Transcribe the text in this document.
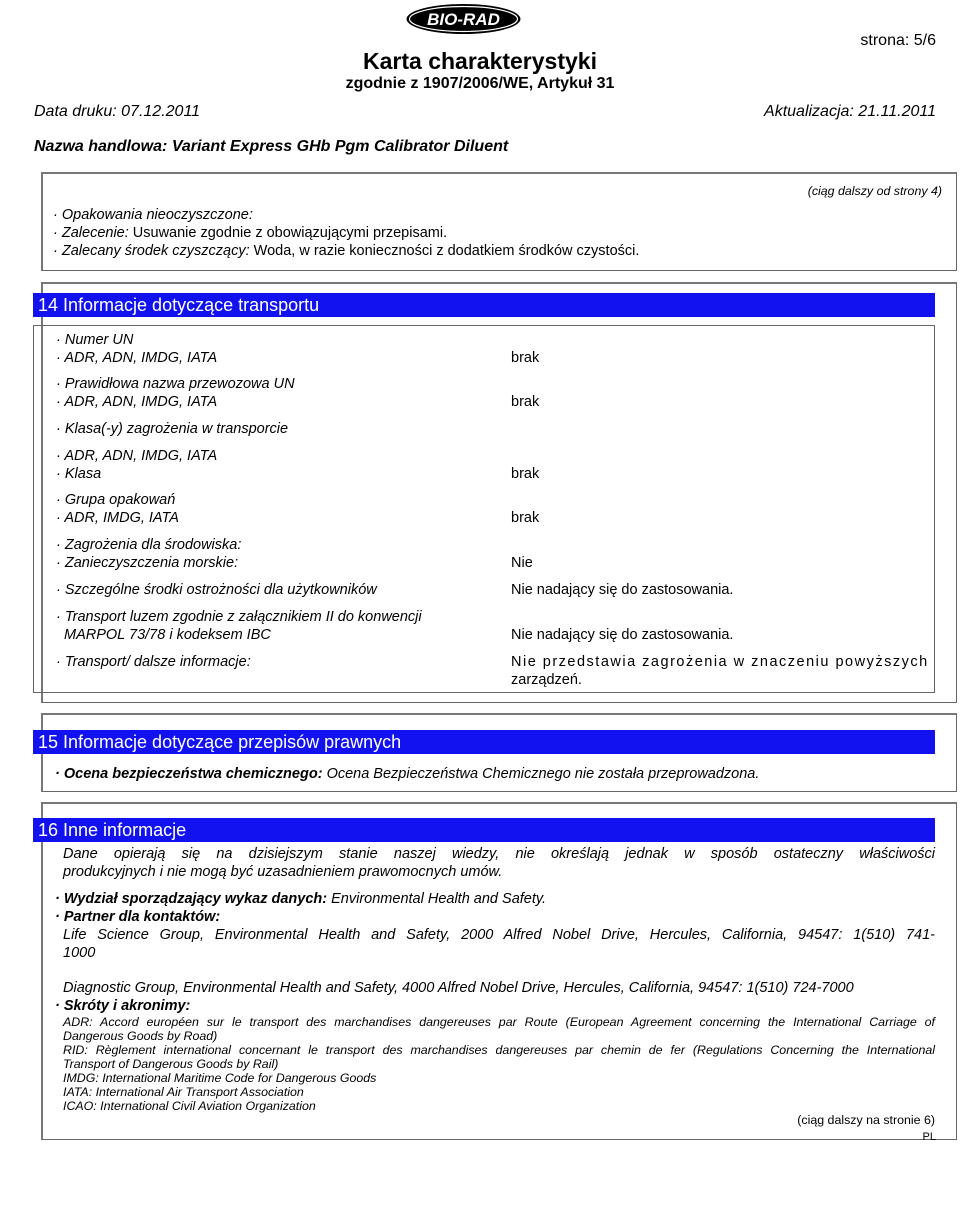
BIO-RAD
strona: 5/6
Karta charakterystyki
zgodnie z 1907/2006/WE, Artykuł 31
Data druku: 07.12.2011	Aktualizacja: 21.11.2011
Nazwa handlowa: Variant Express GHb Pgm Calibrator Diluent
(ciąg dalszy od strony 4)
· Opakowania nieoczyszczone:
· Zalecenie: Usuwanie zgodnie z obowiązującymi przepisami.
· Zalecany środek czyszczący: Woda, w razie konieczności z dodatkiem środków czystości.
14 Informacje dotyczące transportu
· Numer UN
· ADR, ADN, IMDG, IATA	brak
· Prawidłowa nazwa przewozowa UN
· ADR, ADN, IMDG, IATA	brak
· Klasa(-y) zagrożenia w transporcie
· ADR, ADN, IMDG, IATA
· Klasa	brak
· Grupa opakowań
· ADR, IMDG, IATA	brak
· Zagrożenia dla środowiska:
· Zanieczyszczenia morskie:	Nie
· Szczególne środki ostrożności dla użytkowników	Nie nadający się do zastosowania.
· Transport luzem zgodnie z załącznikiem II do konwencji
MARPOL 73/78 i kodeksem IBC	Nie nadający się do zastosowania.
· Transport/ dalsze informacje:	Nie przedstawia zagrożenia w znaczeniu powyższych
zarządzeń.
15 Informacje dotyczące przepisów prawnych
· Ocena bezpieczeństwa chemicznego: Ocena Bezpieczeństwa Chemicznego nie została przeprowadzona.
16 Inne informacje
Dane opierają się na dzisiejszym stanie naszej wiedzy, nie określają jednak w sposób ostateczny właściwości
produkcyjnych i nie mogą być uzasadnieniem prawomocnych umów.
· Wydział sporządzający wykaz danych: Environmental Health and Safety.
· Partner dla kontaktów:
Life Science Group, Environmental Health and Safety, 2000 Alfred Nobel Drive, Hercules, California, 94547: 1(510) 741-
1000
Diagnostic Group, Environmental Health and Safety, 4000 Alfred Nobel Drive, Hercules, California, 94547: 1(510) 724-7000
· Skróty i akronimy:
ADR: Accord européen sur le transport des marchandises dangereuses par Route (European Agreement concerning the International Carriage of
Dangerous Goods by Road)
RID: Règlement international concernant le transport des marchandises dangereuses par chemin de fer (Regulations Concerning the International
Transport of Dangerous Goods by Rail)
IMDG: International Maritime Code for Dangerous Goods
IATA: International Air Transport Association
ICAO: International Civil Aviation Organization
(ciąg dalszy na stronie 6)
PL
